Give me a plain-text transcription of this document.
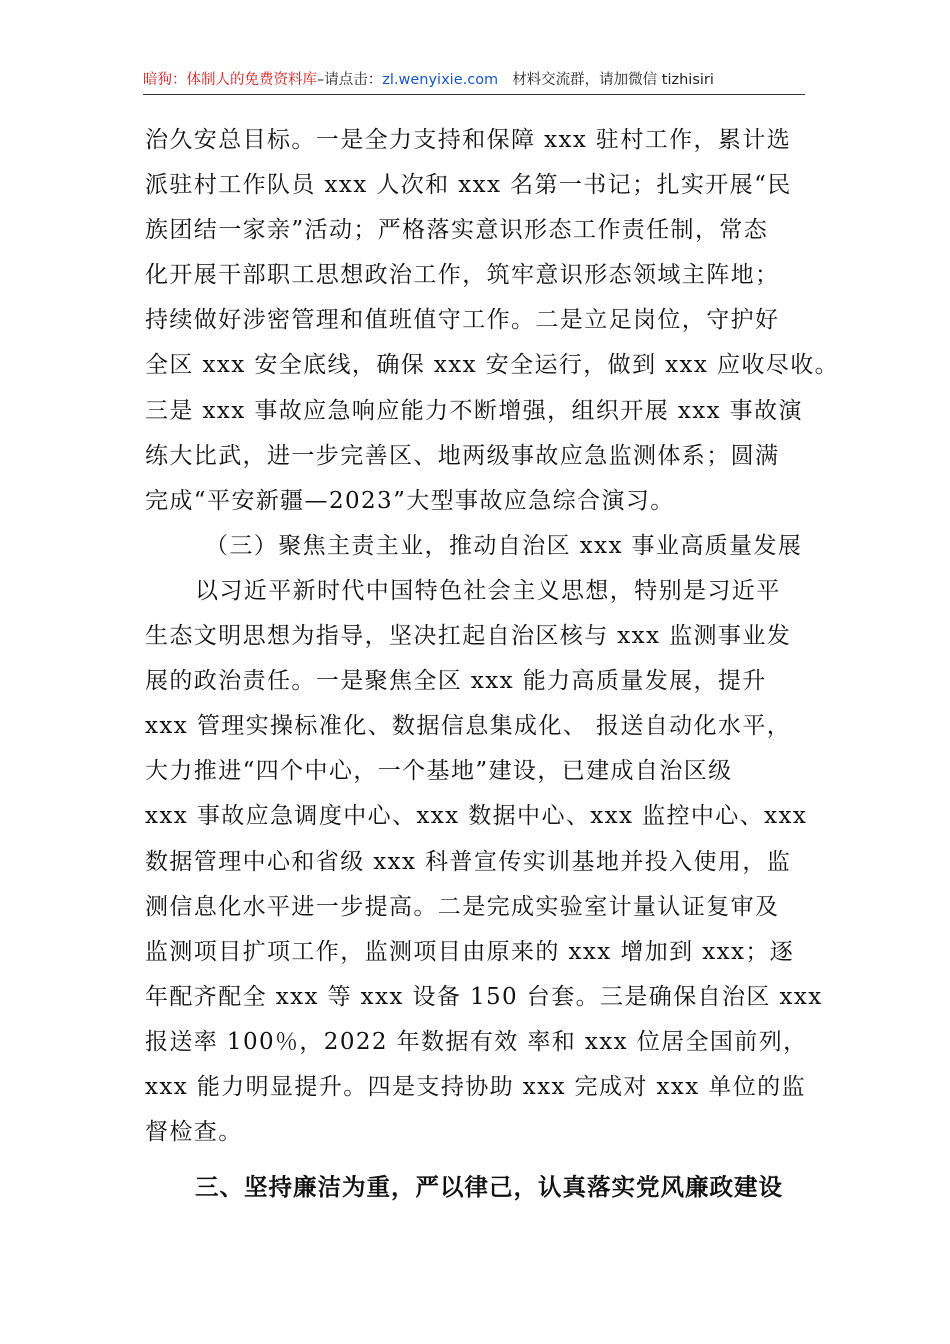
暗狗：体制人的免费资料库–请点击：zl.wenyixie.com 材料交流群，请加微信 tizhisiri
治久安总目标。一是全力支持和保障 xxx 驻村工作，累计选
派驻村工作队员 xxx 人次和 xxx 名第一书记；扎实开展“民
族团结一家亲”活动；严格落实意识形态工作责任制，常态
化开展干部职工思想政治工作，筑牢意识形态领域主阵地；
持续做好涉密管理和值班值守工作。二是立足岗位，守护好
全区 xxx 安全底线，确保 xxx 安全运行，做到 xxx 应收尽收。
三是 xxx 事故应急响应能力不断增强，组织开展 xxx 事故演
练大比武，进一步完善区、地两级事故应急监测体系；圆满
完成“平安新疆—2023”大型事故应急综合演习。
（三）聚焦主责主业，推动自治区 xxx 事业高质量发展
以习近平新时代中国特色社会主义思想，特别是习近平
生态文明思想为指导，坚决扛起自治区核与 xxx 监测事业发
展的政治责任。一是聚焦全区 xxx 能力高质量发展，提升
xxx 管理实操标准化、数据信息集成化、 报送自动化水平，
大力推进“四个中心，一个基地”建设，已建成自治区级
xxx 事故应急调度中心、xxx 数据中心、xxx 监控中心、xxx
数据管理中心和省级 xxx 科普宣传实训基地并投入使用，监
测信息化水平进一步提高。二是完成实验室计量认证复审及
监测项目扩项工作，监测项目由原来的 xxx 增加到 xxx；逐
年配齐配全 xxx 等 xxx 设备 150 台套。三是确保自治区 xxx
报送率 100％，2022 年数据有效 率和 xxx 位居全国前列，
xxx 能力明显提升。四是支持协助 xxx 完成对 xxx 单位的监
督检查。
三、坚持廉洁为重，严以律己，认真落实党风廉政建设
